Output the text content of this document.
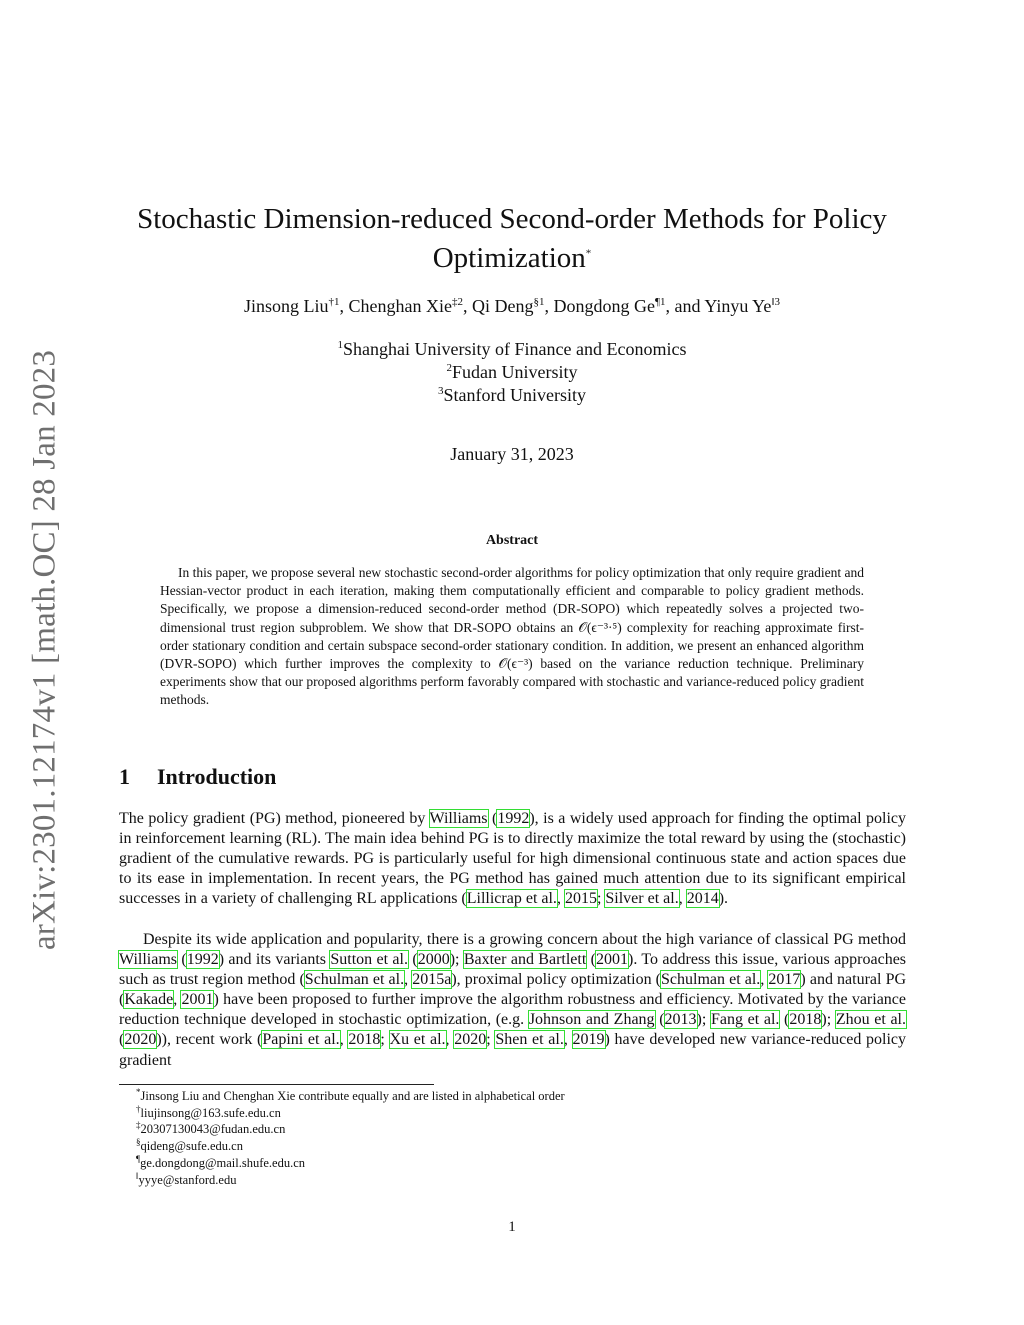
arXiv:2301.12174v1 [math.OC] 28 Jan 2023
Stochastic Dimension-reduced Second-order Methods for Policy Optimization*
Jinsong Liu$^{\dagger 1}$, Chenghan Xie$^{\ddagger 2}$, Qi Deng$^{\S 1}$, Dongdong Ge$^{\P 1}$, and Yinyu $Ye^{‖3}$
$^1$Shanghai University of Finance and Economics
$^2$Fudan University
$^3$Stanford University
January 31, 2023
Abstract

In this paper, we propose several new stochastic second-order algorithms for policy optimization that only require gradient and Hessian-vector product in each iteration, making them computationally efficient and comparable to policy gradient methods. Specifically, we propose a dimension-reduced second-order method (DR-SOPO) which repeatedly solves a projected two-dimensional trust region subproblem. We show that DR-SOPO obtains an 𝒪(ϵ⁻³·⁵) complexity for reaching approximate first-order stationary condition and certain subspace second-order stationary condition. In addition, we present an enhanced algorithm (DVR-SOPO) which further improves the complexity to 𝒪(ϵ⁻³) based on the variance reduction technique. Preliminary experiments show that our proposed algorithms perform favorably compared with stochastic and variance-reduced policy gradient methods.

1 Introduction

The policy gradient (PG) method, pioneered by Williams (1992), is a widely used approach for finding the optimal policy in reinforcement learning (RL). The main idea behind PG is to directly maximize the total reward by using the (stochastic) gradient of the cumulative rewards. PG is particularly useful for high dimensional continuous state and action spaces due to its ease in implementation. In recent years, the PG method has gained much attention due to its significant empirical successes in a variety of challenging RL applications (Lillicrap et al., 2015; Silver et al., 2014).

Despite its wide application and popularity, there is a growing concern about the high variance of classical PG method Williams (1992) and its variants Sutton et al. (2000); Baxter and Bartlett (2001). To address this issue, various approaches such as trust region method (Schulman et al., 2015a), proximal policy optimization (Schulman et al., 2017) and natural PG (Kakade, 2001) have been proposed to further improve the algorithm robustness and efficiency. Motivated by the variance reduction technique developed in stochastic optimization, (e.g. Johnson and Zhang (2013); Fang et al. (2018); Zhou et al. (2020)), recent work (Papini et al., 2018; Xu et al., 2020; Shen et al., 2019) have developed new variance-reduced policy gradient

*Jinsong Liu and Chenghan Xie contribute equally and are listed in alphabetical order
†liujinsong@163.sufe.edu.cn
‡20307130043@fudan.edu.cn
§qideng@sufe.edu.cn
¶ge.dongdong@mail.shufe.edu.cn
‖yyye@stanford.edu
1
